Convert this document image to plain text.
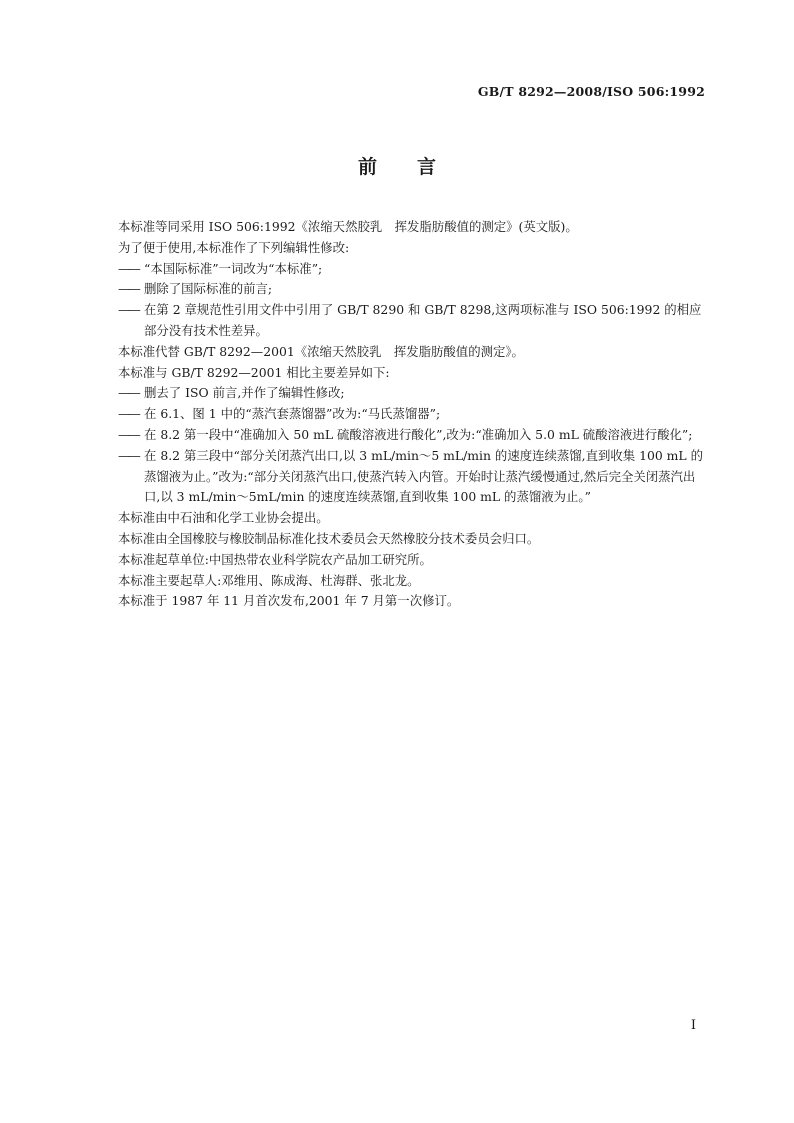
GB/T 8292—2008/ISO 506:1992
前言
本标准等同采用 ISO 506:1992《浓缩天然胶乳　挥发脂肪酸值的测定》(英文版)。
为了便于使用,本标准作了下列编辑性修改:
—— “本国际标准”一词改为“本标准”;
—— 删除了国际标准的前言;
—— 在第 2 章规范性引用文件中引用了 GB/T 8290 和 GB/T 8298,这两项标准与 ISO 506:1992 的相应部分没有技术性差异。
本标准代替 GB/T 8292—2001《浓缩天然胶乳　挥发脂肪酸值的测定》。
本标准与 GB/T 8292—2001 相比主要差异如下:
—— 删去了 ISO 前言,并作了编辑性修改;
—— 在 6.1、图 1 中的“蒸汽套蒸馏器”改为:“马氏蒸馏器”;
—— 在 8.2 第一段中“准确加入 50 mL 硫酸溶液进行酸化”,改为:“准确加入 5.0 mL 硫酸溶液进行酸化”;
—— 在 8.2 第三段中“部分关闭蒸汽出口,以 3 mL/min～5 mL/min 的速度连续蒸馏,直到收集 100 mL 的蒸馏液为止。”改为:“部分关闭蒸汽出口,使蒸汽转入内管。开始时让蒸汽缓慢通过,然后完全关闭蒸汽出口,以 3 mL/min～5mL/min 的速度连续蒸馏,直到收集 100 mL 的蒸馏液为止。”
本标准由中石油和化学工业协会提出。
本标准由全国橡胶与橡胶制品标准化技术委员会天然橡胶分技术委员会归口。
本标准起草单位:中国热带农业科学院农产品加工研究所。
本标准主要起草人:邓维用、陈成海、杜海群、张北龙。
本标准于 1987 年 11 月首次发布,2001 年 7 月第一次修订。
I
